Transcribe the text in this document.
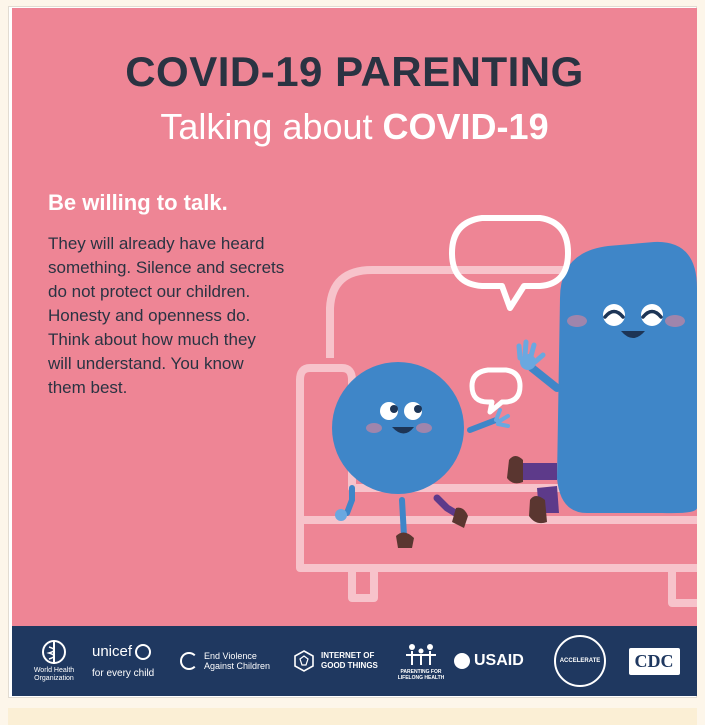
COVID-19 PARENTING
Talking about COVID-19
Be willing to talk.
They will already have heard
something. Silence and secrets
do not protect our children.
Honesty and openness do.
Think about how much they
will understand. You know
them best.
World Health
Organization
unicef
for every child
End Violence
Against Children
INTERNET OF
GOOD THINGS
PARENTING FOR
LIFELONG HEALTH
USAID	ACCELERATE	CDC
